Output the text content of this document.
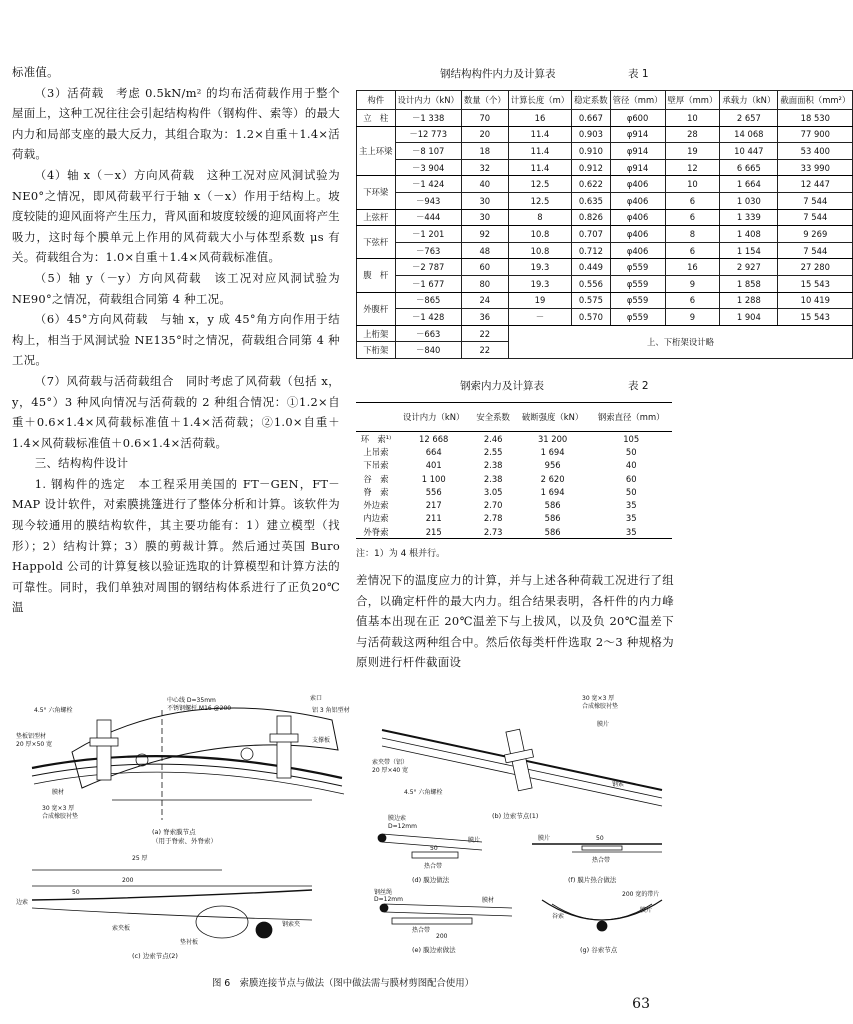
标准值。

（3）活荷载　考虑 0.5kN/m² 的均布活荷载作用于整个屋面上，这种工况往往会引起结构构件（钢构件、索等）的最大内力和局部支座的最大反力，其组合取为：1.2×自重＋1.4×活荷载。

（4）轴 x（－x）方向风荷载　这种工况对应风洞试验为 NE0°之情况，即风荷载平行于轴 x（－x）作用于结构上。坡度较陡的迎风面将产生压力，背风面和坡度较缓的迎风面将产生吸力，这时每个膜单元上作用的风荷载大小与体型系数 μs 有关。荷载组合为：1.0×自重＋1.4×风荷载标准值。

（5）轴 y（－y）方向风荷载　该工况对应风洞试验为 NE90°之情况，荷载组合同第 4 种工况。

（6）45°方向风荷载　与轴 x，y 成 45°角方向作用于结构上，相当于风洞试验 NE135°时之情况，荷载组合同第 4 种工况。

（7）风荷载与活荷载组合　同时考虑了风荷载（包括 x，y，45°）3 种风向情况与活荷载的 2 种组合情况：①1.2×自重＋0.6×1.4×风荷载标准值＋1.4×活荷载；②1.0×自重＋1.4×风荷载标准值＋0.6×1.4×活荷载。

三、结构构件设计

1. 钢构件的选定　本工程采用美国的 FT－GEN，FT－MAP 设计软件，对索膜挑篷进行了整体分析和计算。该软件为现今较通用的膜结构软件，其主要功能有：1）建立模型（找形）；2）结构计算；3）膜的剪裁计算。然后通过英国 Buro Happold 公司的计算复核以验证选取的计算模型和计算方法的可靠性。同时，我们单独对周围的钢结构体系进行了正负20℃温

差情况下的温度应力的计算，并与上述各种荷载工况进行了组合，以确定杆件的最大内力。组合结果表明，各杆件的内力峰值基本出现在正 20℃温差下与上拔风，以及负 20℃温差下与活荷载这两种组合中。然后依每类杆件选取 2～3 种规格为原则进行杆件截面设

钢结构构件内力及计算表	表 1
构件	设计内力（kN）	数量（个）	计算长度（m）	稳定系数	管径（mm）	壁厚（mm）	承载力（kN）	截面面积（mm²）
立　柱	－1 338	70	16	0.667	φ600	10	2 657	18 530
主上环梁	－12 773	20	11.4	0.903	φ914	28	14 068	77 900
	－8 107	18	11.4	0.910	φ914	19	10 447	53 400
	－3 904	32	11.4	0.912	φ914	12	6 665	33 990
下环梁	－1 424	40	12.5	0.622	φ406	10	1 664	12 447
	－943	30	12.5	0.635	φ406	6	1 030	7 544
上弦杆	－444	30	8	0.826	φ406	6	1 339	7 544
下弦杆	－1 201	92	10.8	0.707	φ406	8	1 408	9 269
	－763	48	10.8	0.712	φ406	6	1 154	7 544
腹　杆	－2 787	60	19.3	0.449	φ559	16	2 927	27 280
	－1 677	80	19.3	0.556	φ559	9	1 858	15 543
外腹杆	－865	24	19	0.575	φ559	6	1 288	10 419
	－1 428	36	－	0.570	φ559	9	1 904	15 543
上桁架	－663	22	上、下桁架设计略					
下桁架	－840	22						
钢索内力及计算表	表 2
	设计内力（kN）	安全系数	破断强度（kN）	钢索直径（mm）
环　索¹⁾	12 668	2.46	31 200	105
上吊索	664	2.55	1 694	50
下吊索	401	2.38	956	40
谷　索	1 100	2.38	2 620	60
脊　索	556	3.05	1 694	50
外边索	217	2.70	586	35
内边索	211	2.78	586	35
外脊索	215	2.73	586	35
注：1）为 4 根并行。
中心线 D=35mm
不锈钢螺杆 M16 @200
索口
4.5° 六角螺栓
垫板铝型材
20 厚×50 宽
铝 3 角铝型材
支撑板
膜材
30 宽×3 厚
合成橡胶衬垫
(a) 脊索膜节点
（用于脊索、外脊索）
30 宽×3 厚
合成橡胶衬垫
膜片
索夹带（铝）
20 厚×40 宽
4.5° 六角螺栓
钢索
(b) 边索节点(1)
25 厚
200
50
边索
钢索夹
垫衬板
索夹板
(c) 边索节点(2)
膜边索
D=12mm
50
热合带
膜片
(d) 膜边做法
钢丝绳
D=12mm
200
膜材
热合带
(e) 膜边索做法
膜片	50
热合带
(f) 膜片热合做法
谷索
200 宽的带片
膜片
(g) 谷索节点
图 6　索膜连接节点与做法（图中做法需与膜材剪图配合使用）
63
